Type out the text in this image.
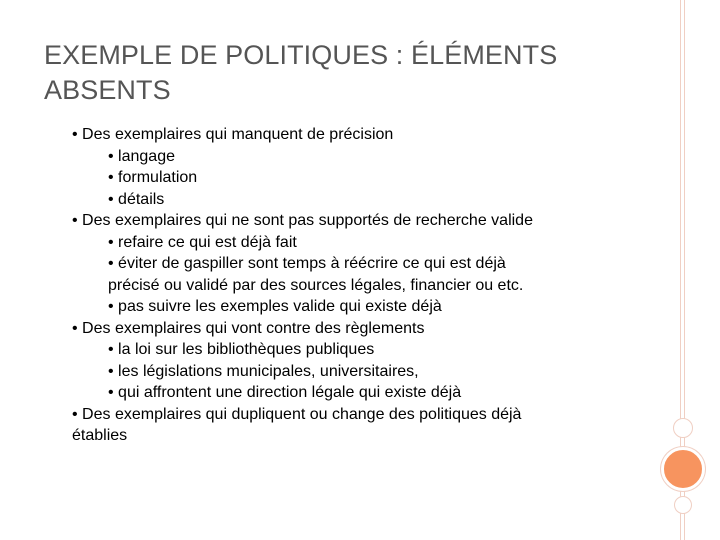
EXEMPLE DE POLITIQUES : ÉLÉMENTS
ABSENTS
• Des exemplaires qui manquent de précision
• langage
• formulation
• détails
• Des exemplaires qui ne sont pas supportés de recherche valide
• refaire ce qui est déjà fait
• éviter de gaspiller sont temps à réécrire ce qui est déjà
précisé ou validé par des sources légales, financier ou etc.
• pas suivre les exemples valide qui existe déjà
• Des exemplaires qui vont contre des règlements
• la loi sur les bibliothèques publiques
• les législations municipales, universitaires,
• qui affrontent une direction légale qui existe déjà
• Des exemplaires qui dupliquent ou change des politiques déjà
établies
